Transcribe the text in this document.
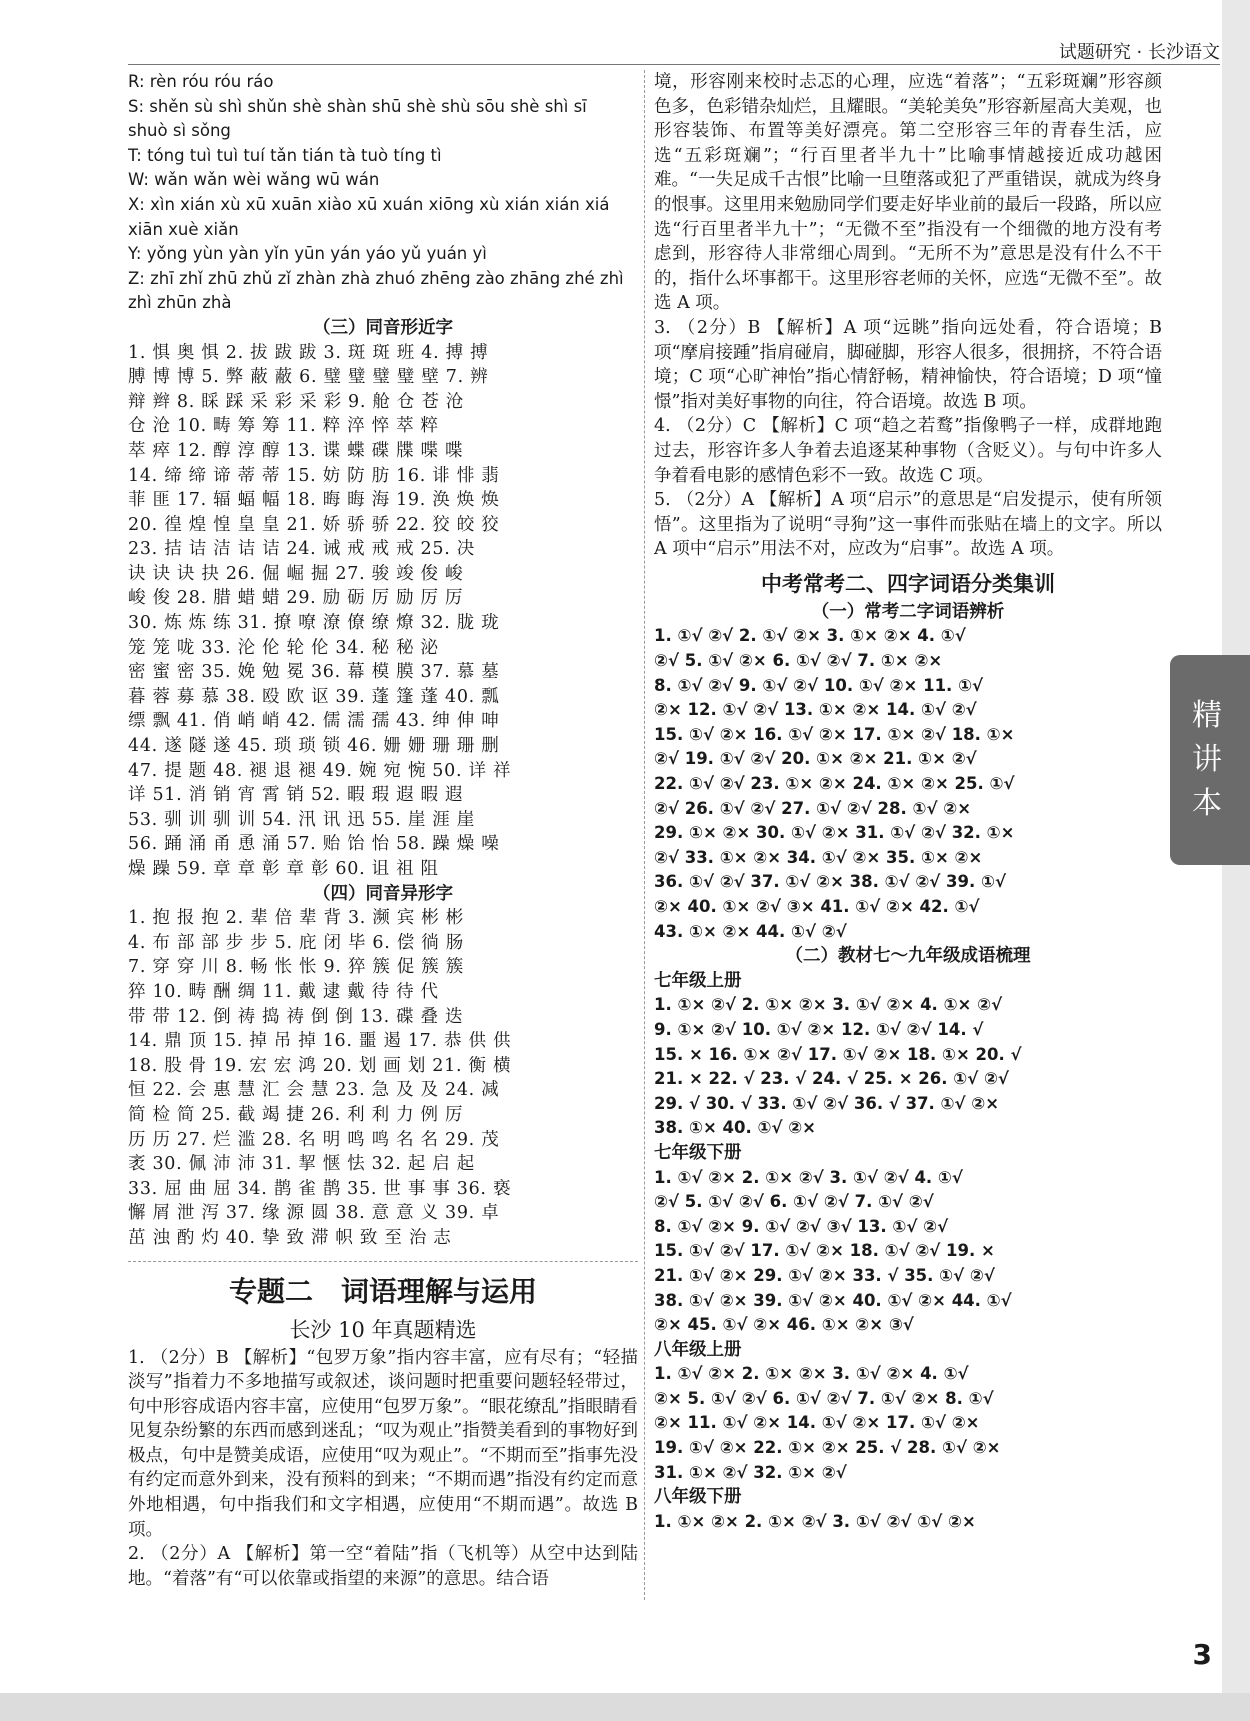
试题研究 · 长沙语文
精
讲
本
R: rèn róu róu ráo
S: shěn sù shì shǔn shè shàn shū shè shù sōu shè shì sī
shuò sì sǒng
T: tóng tuì tuì tuí tǎn tián tà tuò tíng tì
W: wǎn wǎn wèi wǎng wū wán
X: xìn xián xù xū xuān xiào xū xuán xiōng xù xián xián xiá
xiān xuè xiǎn
Y: yǒng yùn yàn yǐn yūn yán yáo yǔ yuán yì
Z: zhī zhǐ zhū zhǔ zǐ zhàn zhà zhuó zhēng zào zhāng zhé zhì
zhì zhūn zhà
（三）同音形近字
1. 惧 奥 惧 2. 拔 跋 跋 3. 斑 斑 班 4. 搏 搏
膊 博 博 5. 弊 蔽 蔽 6. 璧 璧 璧 璧 壁 7. 辨
辩 辫 8. 睬 踩 采 彩 采 彩 9. 舱 仓 苍 沧
仓 沧 10. 畴 筹 筹 11. 粹 淬 悴 萃 粹
萃 瘁 12. 醇 淳 醇 13. 谍 蝶 碟 牒 喋 喋
14. 缔 缔 谛 蒂 蒂 15. 妨 防 肪 16. 诽 悱 翡
菲 匪 17. 辐 蝠 幅 18. 晦 晦 海 19. 涣 焕 焕
20. 徨 煌 惶 皇 皇 21. 娇 骄 骄 22. 狡 皎 狡
23. 拮 诘 洁 诘 诘 24. 诫 戒 戒 戒 25. 决
诀 诀 诀 抉 26. 倔 崛 掘 27. 骏 竣 俊 峻
峻 俊 28. 腊 蜡 蜡 29. 励 砺 厉 励 厉 厉
30. 炼 炼 练 31. 撩 嘹 潦 僚 缭 燎 32. 胧 珑
笼 笼 咙 33. 沦 伦 轮 伦 34. 秘 秘 泌
密 蜜 密 35. 娩 勉 冕 36. 幕 模 膜 37. 慕 墓
暮 蓉 募 慕 38. 殴 欧 讴 39. 蓬 篷 蓬 40. 瓢
缥 飘 41. 俏 峭 峭 42. 儒 濡 孺 43. 绅 伸 呻
44. 遂 隧 遂 45. 琐 琐 锁 46. 姗 姗 珊 珊 删
47. 提 题 48. 褪 退 褪 49. 婉 宛 惋 50. 详 祥
详 51. 消 销 宵 霄 销 52. 暇 瑕 遐 暇 遐
53. 驯 训 驯 训 54. 汛 讯 迅 55. 崖 涯 崖
56. 踊 涌 甬 恿 涌 57. 贻 饴 怡 58. 躁 燥 噪
燥 躁 59. 章 章 彰 章 彰 60. 诅 祖 阻
（四）同音异形字
1. 抱 报 抱 2. 辈 倍 辈 背 3. 濒 宾 彬 彬
4. 布 部 部 步 步 5. 庇 闭 毕 6. 偿 徜 肠
7. 穿 穿 川 8. 畅 怅 怅 9. 猝 簇 促 簇 簇
猝 10. 畴 酬 绸 11. 戴 逮 戴 待 待 代
带 带 12. 倒 祷 捣 祷 倒 倒 13. 碟 叠 迭
14. 鼎 顶 15. 掉 吊 掉 16. 噩 遏 17. 恭 供 供
18. 股 骨 19. 宏 宏 鸿 20. 划 画 划 21. 衡 横
恒 22. 会 惠 慧 汇 会 慧 23. 急 及 及 24. 减
简 检 简 25. 截 竭 捷 26. 利 利 力 例 厉
历 历 27. 烂 滥 28. 名 明 鸣 鸣 名 名 29. 茂
袤 30. 佩 沛 沛 31. 挈 惬 怯 32. 起 启 起
33. 屈 曲 屈 34. 鹊 雀 鹊 35. 世 事 事 36. 亵
懈 屑 泄 泻 37. 缘 源 圆 38. 意 意 义 39. 卓
茁 浊 酌 灼 40. 挚 致 滞 帜 致 至 治 志
专题二　词语理解与运用
长沙 10 年真题精选
1. （2分）B 【解析】“包罗万象”指内容丰富，应有尽有；“轻描淡写”指着力不多地描写或叙述，谈问题时把重要问题轻轻带过，句中形容成语内容丰富，应使用“包罗万象”。“眼花缭乱”指眼睛看见复杂纷繁的东西而感到迷乱；“叹为观止”指赞美看到的事物好到极点，句中是赞美成语，应使用“叹为观止”。“不期而至”指事先没有约定而意外到来，没有预料的到来；“不期而遇”指没有约定而意外地相遇，句中指我们和文字相遇，应使用“不期而遇”。故选 B 项。
2. （2分）A 【解析】第一空“着陆”指（飞机等）从空中达到陆地。“着落”有“可以依靠或指望的来源”的意思。结合语
境，形容刚来校时忐忑的心理，应选“着落”；“五彩斑斓”形容颜色多，色彩错杂灿烂，且耀眼。“美轮美奂”形容新屋高大美观，也形容装饰、布置等美好漂亮。第二空形容三年的青春生活，应选“五彩斑斓”；“行百里者半九十”比喻事情越接近成功越困难。“一失足成千古恨”比喻一旦堕落或犯了严重错误，就成为终身的恨事。这里用来勉励同学们要走好毕业前的最后一段路，所以应选“行百里者半九十”；“无微不至”指没有一个细微的地方没有考虑到，形容待人非常细心周到。“无所不为”意思是没有什么不干的，指什么坏事都干。这里形容老师的关怀，应选“无微不至”。故选 A 项。
3. （2分）B 【解析】A 项“远眺”指向远处看，符合语境；B 项“摩肩接踵”指肩碰肩，脚碰脚，形容人很多，很拥挤，不符合语境；C 项“心旷神怡”指心情舒畅，精神愉快，符合语境；D 项“憧憬”指对美好事物的向往，符合语境。故选 B 项。
4. （2分）C 【解析】C 项“趋之若鹜”指像鸭子一样，成群地跑过去，形容许多人争着去追逐某种事物（含贬义）。与句中许多人争着看电影的感情色彩不一致。故选 C 项。
5. （2分）A 【解析】A 项“启示”的意思是“启发提示，使有所领悟”。这里指为了说明“寻狗”这一事件而张贴在墙上的文字。所以 A 项中“启示”用法不对，应改为“启事”。故选 A 项。
中考常考二、四字词语分类集训
（一）常考二字词语辨析
1. ①√ ②√ 2. ①√ ②× 3. ①× ②× 4. ①√
②√ 5. ①√ ②× 6. ①√ ②√ 7. ①× ②×
8. ①√ ②√ 9. ①√ ②√ 10. ①√ ②× 11. ①√
②× 12. ①√ ②√ 13. ①× ②× 14. ①√ ②√
15. ①√ ②× 16. ①√ ②× 17. ①× ②√ 18. ①×
②√ 19. ①√ ②√ 20. ①× ②× 21. ①× ②√
22. ①√ ②√ 23. ①× ②× 24. ①× ②× 25. ①√
②√ 26. ①√ ②√ 27. ①√ ②√ 28. ①√ ②×
29. ①× ②× 30. ①√ ②× 31. ①√ ②√ 32. ①×
②√ 33. ①× ②× 34. ①√ ②× 35. ①× ②×
36. ①√ ②√ 37. ①√ ②× 38. ①√ ②√ 39. ①√
②× 40. ①× ②√ ③× 41. ①√ ②× 42. ①√
43. ①× ②× 44. ①√ ②√
（二）教材七～九年级成语梳理
七年级上册
1. ①× ②√ 2. ①× ②× 3. ①√ ②× 4. ①× ②√
9. ①× ②√ 10. ①√ ②× 12. ①√ ②√ 14. √
15. × 16. ①× ②√ 17. ①√ ②× 18. ①× 20. √
21. × 22. √ 23. √ 24. √ 25. × 26. ①√ ②√
29. √ 30. √ 33. ①√ ②√ 36. √ 37. ①√ ②×
38. ①× 40. ①√ ②×
七年级下册
1. ①√ ②× 2. ①× ②√ 3. ①√ ②√ 4. ①√
②√ 5. ①√ ②√ 6. ①√ ②√ 7. ①√ ②√
8. ①√ ②× 9. ①√ ②√ ③√ 13. ①√ ②√
15. ①√ ②√ 17. ①√ ②× 18. ①√ ②√ 19. ×
21. ①√ ②× 29. ①√ ②× 33. √ 35. ①√ ②√
38. ①√ ②× 39. ①√ ②× 40. ①√ ②× 44. ①√
②× 45. ①√ ②× 46. ①× ②× ③√
八年级上册
1. ①√ ②× 2. ①× ②× 3. ①√ ②× 4. ①√
②× 5. ①√ ②√ 6. ①√ ②√ 7. ①√ ②× 8. ①√
②× 11. ①√ ②× 14. ①√ ②× 17. ①√ ②×
19. ①√ ②× 22. ①× ②× 25. √ 28. ①√ ②×
31. ①× ②√ 32. ①× ②√
八年级下册
1. ①× ②× 2. ①× ②√ 3. ①√ ②√ ①√ ②×
3
